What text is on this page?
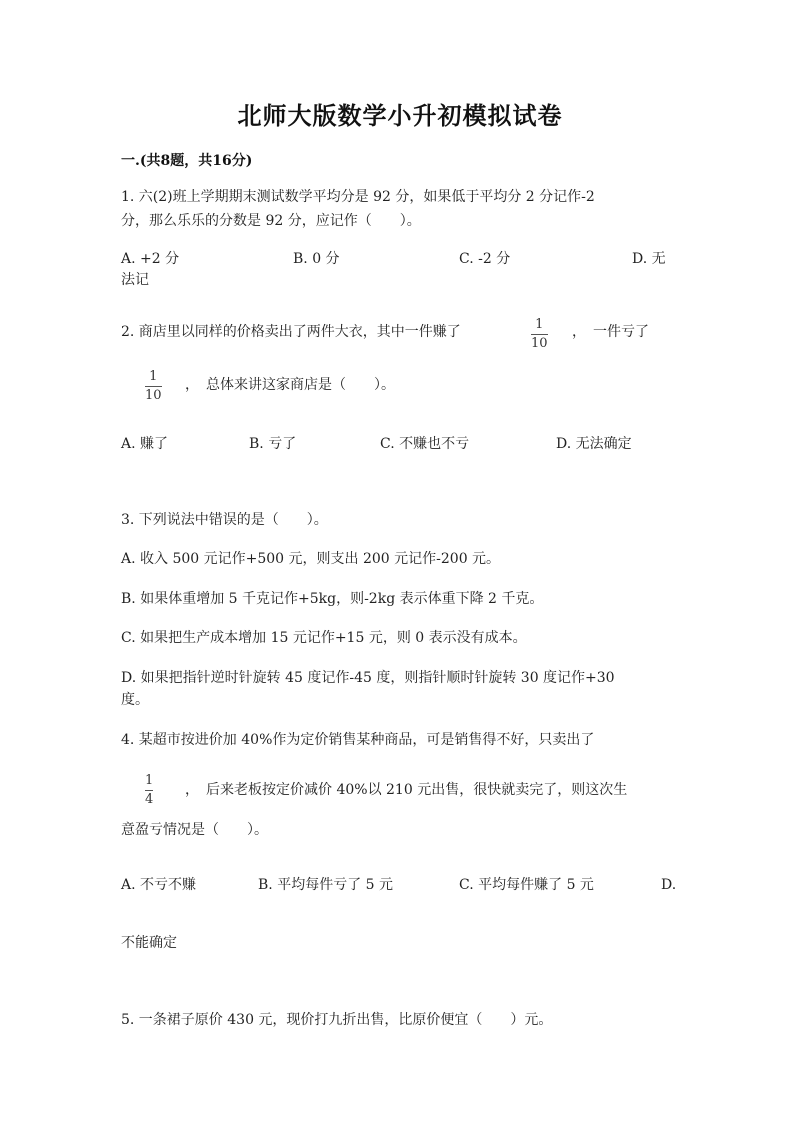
北师大版数学小升初模拟试卷
一.(共8题，共16分)
1. 六(2)班上学期期末测试数学平均分是 92 分，如果低于平均分 2 分记作-2
分，那么乐乐的分数是 92 分，应记作（　　）。
A. +2 分	B. 0 分	C. -2 分	D. 无
法记
2. 商店里以同样的价格卖出了两件大衣，其中一件赚了	1
10
，　一件亏了
1
10
，　总体来讲这家商店是（　　）。
A. 赚了	B. 亏了	C. 不赚也不亏	D. 无法确定
3. 下列说法中错误的是（　　）。
A. 收入 500 元记作+500 元，则支出 200 元记作-200 元。
B. 如果体重增加 5 千克记作+5kg，则-2kg 表示体重下降 2 千克。
C. 如果把生产成本增加 15 元记作+15 元，则 0 表示没有成本。
D. 如果把指针逆时针旋转 45 度记作-45 度，则指针顺时针旋转 30 度记作+30
度。
4. 某超市按进价加 40%作为定价销售某种商品，可是销售得不好，只卖出了
1
4
，　后来老板按定价减价 40%以 210 元出售，很快就卖完了，则这次生
意盈亏情况是（　　）。
A. 不亏不赚	B. 平均每件亏了 5 元	C. 平均每件赚了 5 元	D.
不能确定
5. 一条裙子原价 430 元，现价打九折出售，比原价便宜（　　）元。
